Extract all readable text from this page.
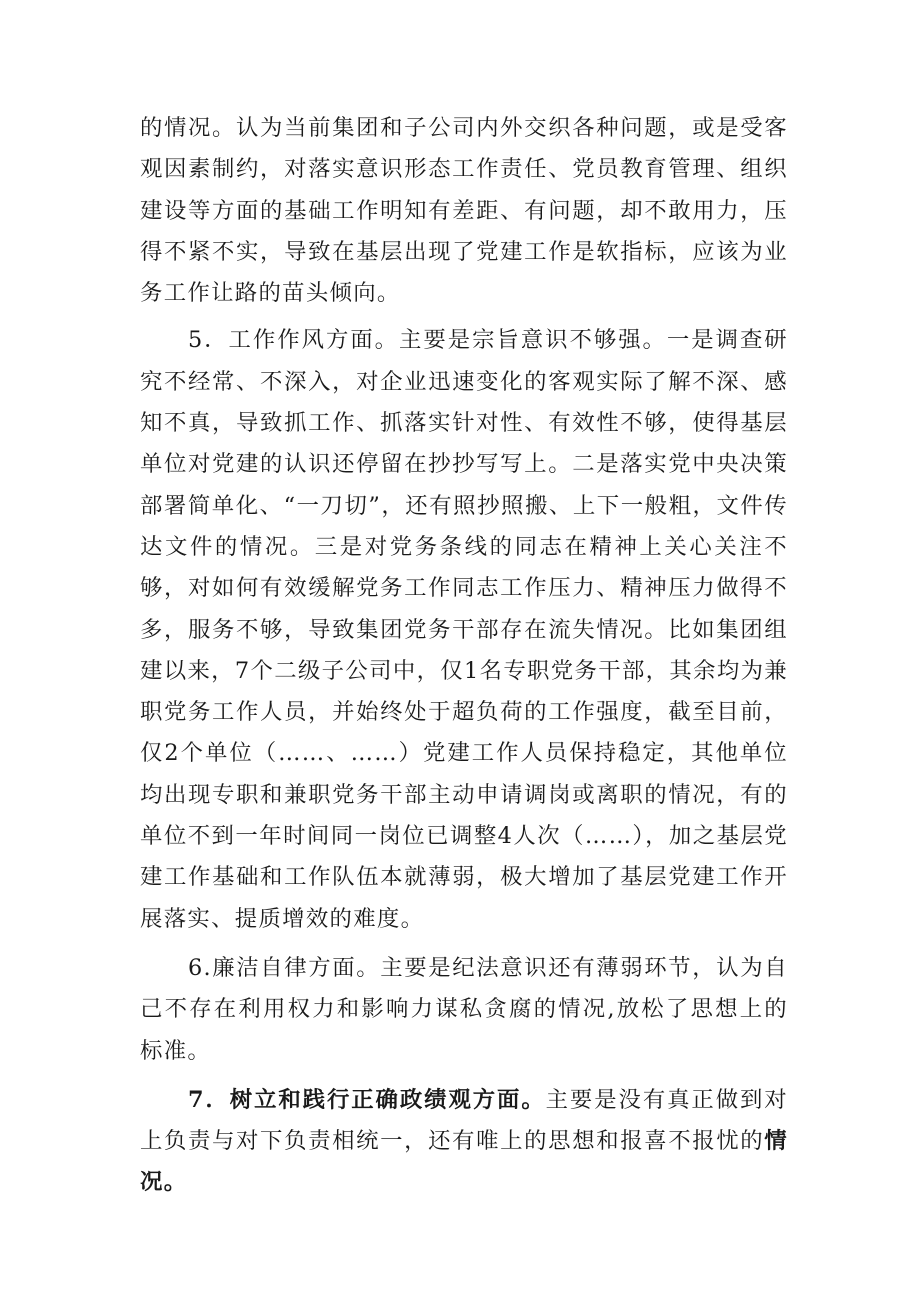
的情况。认为当前集团和子公司内外交织各种问题，或是受客观因素制约，对落实意识形态工作责任、党员教育管理、组织建设等方面的基础工作明知有差距、有问题，却不敢用力，压得不紧不实，导致在基层出现了党建工作是软指标，应该为业务工作让路的苗头倾向。

5．工作作风方面。主要是宗旨意识不够强。一是调查研究不经常、不深入，对企业迅速变化的客观实际了解不深、感知不真，导致抓工作、抓落实针对性、有效性不够，使得基层单位对党建的认识还停留在抄抄写写上。二是落实党中央决策部署简单化、“一刀切”，还有照抄照搬、上下一般粗，文件传达文件的情况。三是对党务条线的同志在精神上关心关注不够，对如何有效缓解党务工作同志工作压力、精神压力做得不多，服务不够，导致集团党务干部存在流失情况。比如集团组建以来，7个二级子公司中，仅1名专职党务干部，其余均为兼职党务工作人员，并始终处于超负荷的工作强度，截至目前，仅2个单位（……、……）党建工作人员保持稳定，其他单位均出现专职和兼职党务干部主动申请调岗或离职的情况，有的单位不到一年时间同一岗位已调整4人次（……），加之基层党建工作基础和工作队伍本就薄弱，极大增加了基层党建工作开展落实、提质增效的难度。

6.廉洁自律方面。主要是纪法意识还有薄弱环节，认为自己不存在利用权力和影响力谋私贪腐的情况,放松了思想上的标准。

7．树立和践行正确政绩观方面。主要是没有真正做到对上负责与对下负责相统一，还有唯上的思想和报喜不报忧的情况。
